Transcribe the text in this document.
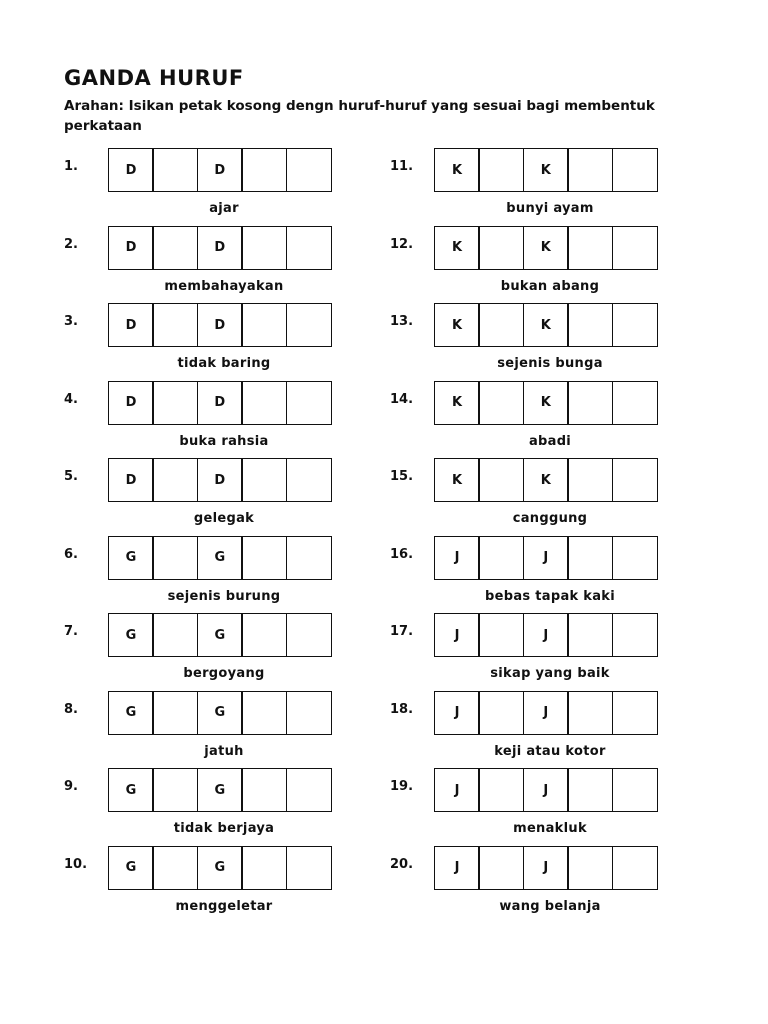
GANDA HURUF
Arahan: Isikan petak kosong dengn huruf-huruf yang sesuai bagi membentuk perkataan
1.	D	D
ajar
2.	D	D
membahayakan
3.	D	D
tidak baring
4.	D	D
buka rahsia
5.	D	D
gelegak
6.	G	G
sejenis burung
7.	G	G
bergoyang
8.	G	G
jatuh
9.	G	G
tidak berjaya
10.	G	G
menggeletar
11.	K	K
bunyi ayam
12.	K	K
bukan abang
13.	K	K
sejenis bunga
14.	K	K
abadi
15.	K	K
canggung
16.	J	J
bebas tapak kaki
17.	J	J
sikap yang baik
18.	J	J
keji atau kotor
19.	J	J
menakluk
20.	J	J
wang belanja
